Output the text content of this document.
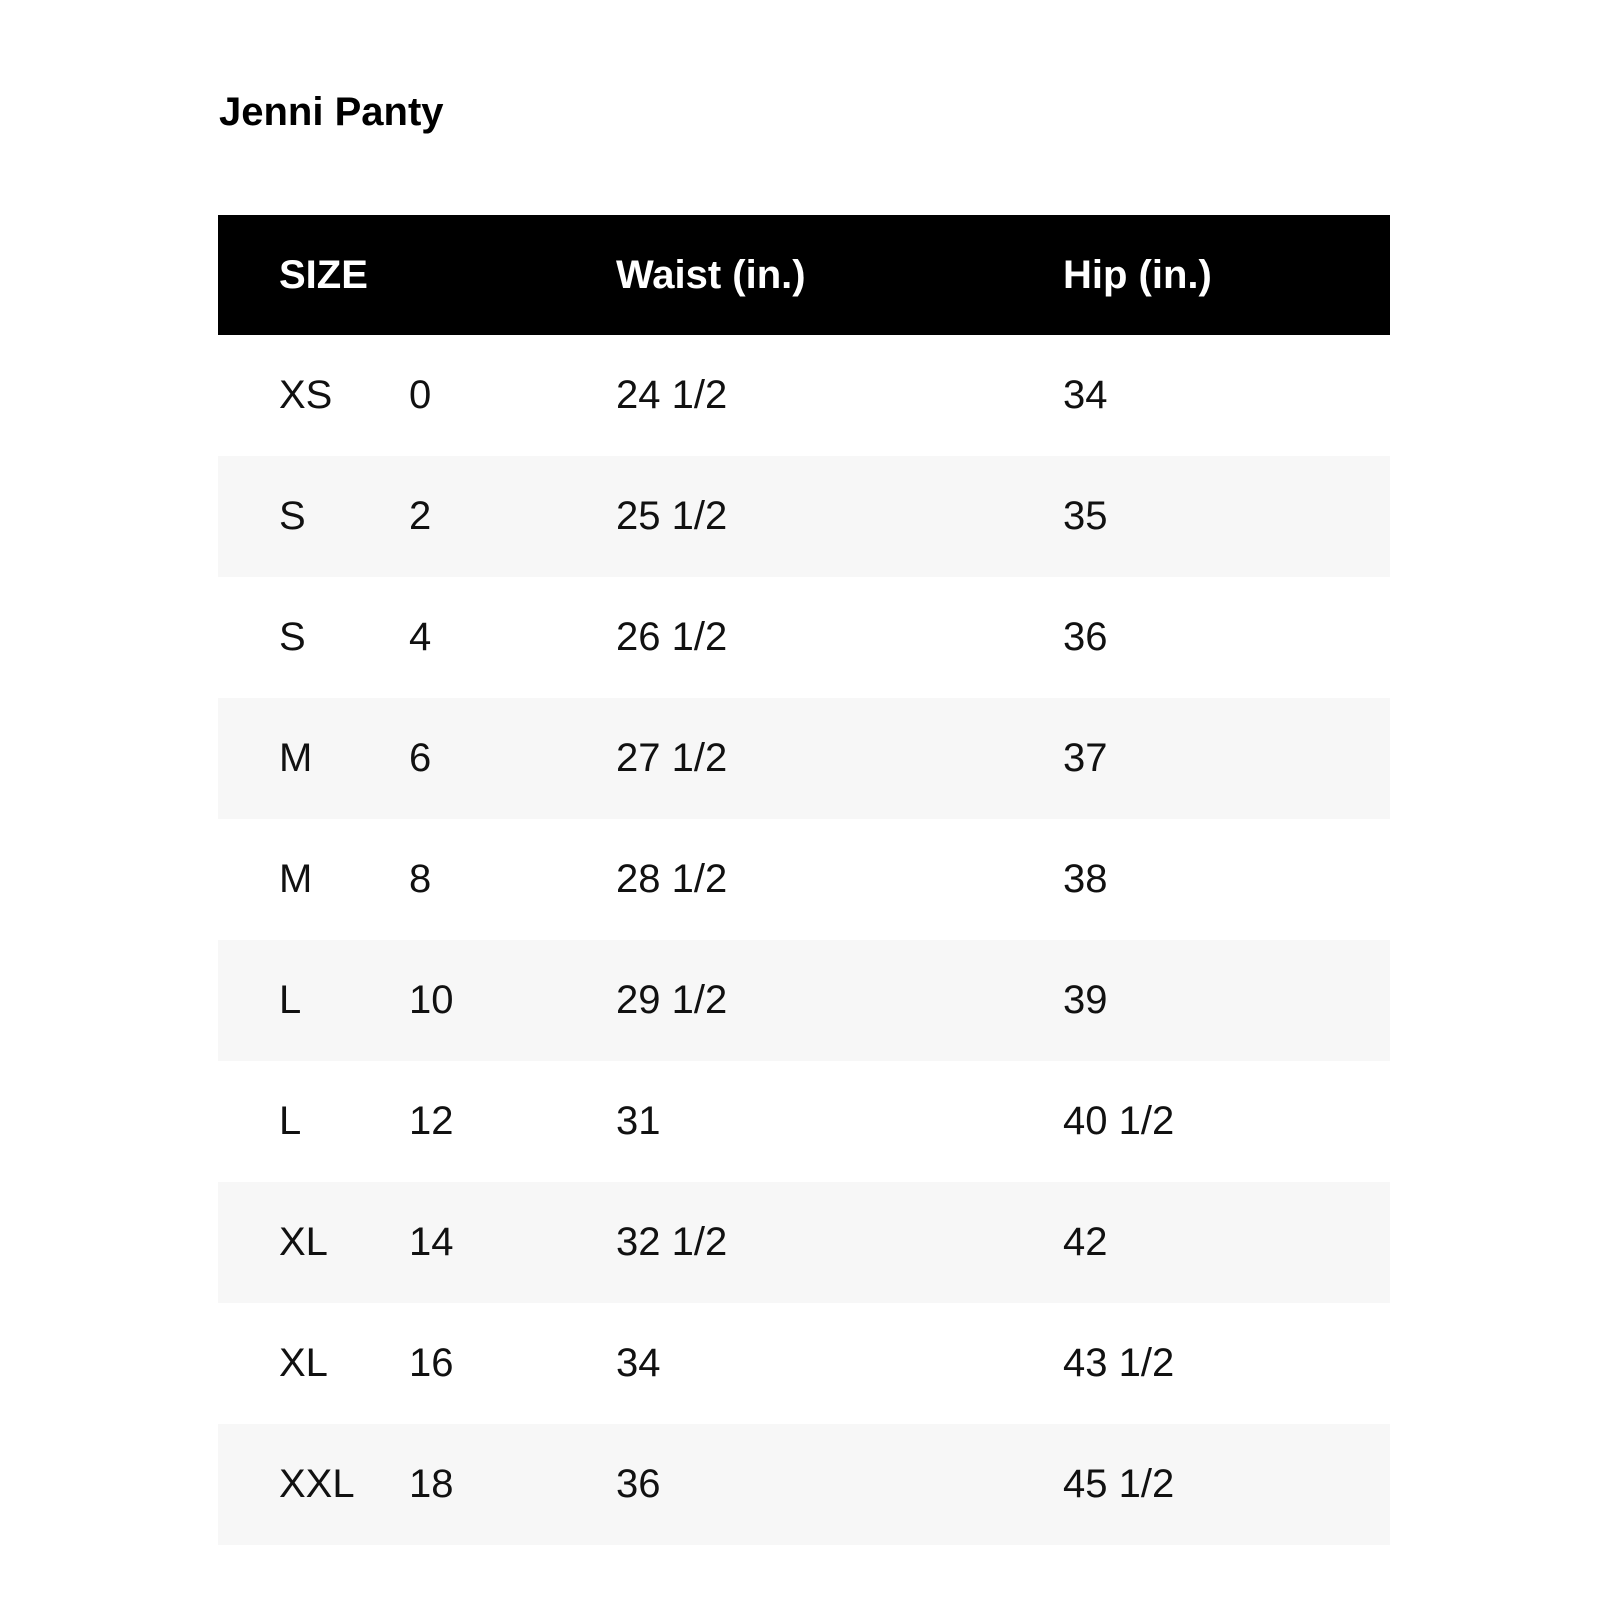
Jenni Panty
SIZE	Waist (in.)	Hip (in.)
XS 0	24 1/2	34
S	2	25 1/2	35
S	4	26 1/2	36
M 6	27 1/2	37
M 8	28 1/2	38
L	10	29 1/2	39
L	12	31	40 1/2
XL 14	32 1/2	42
XL 16	34	43 1/2
XXL 18	36	45 1/2
